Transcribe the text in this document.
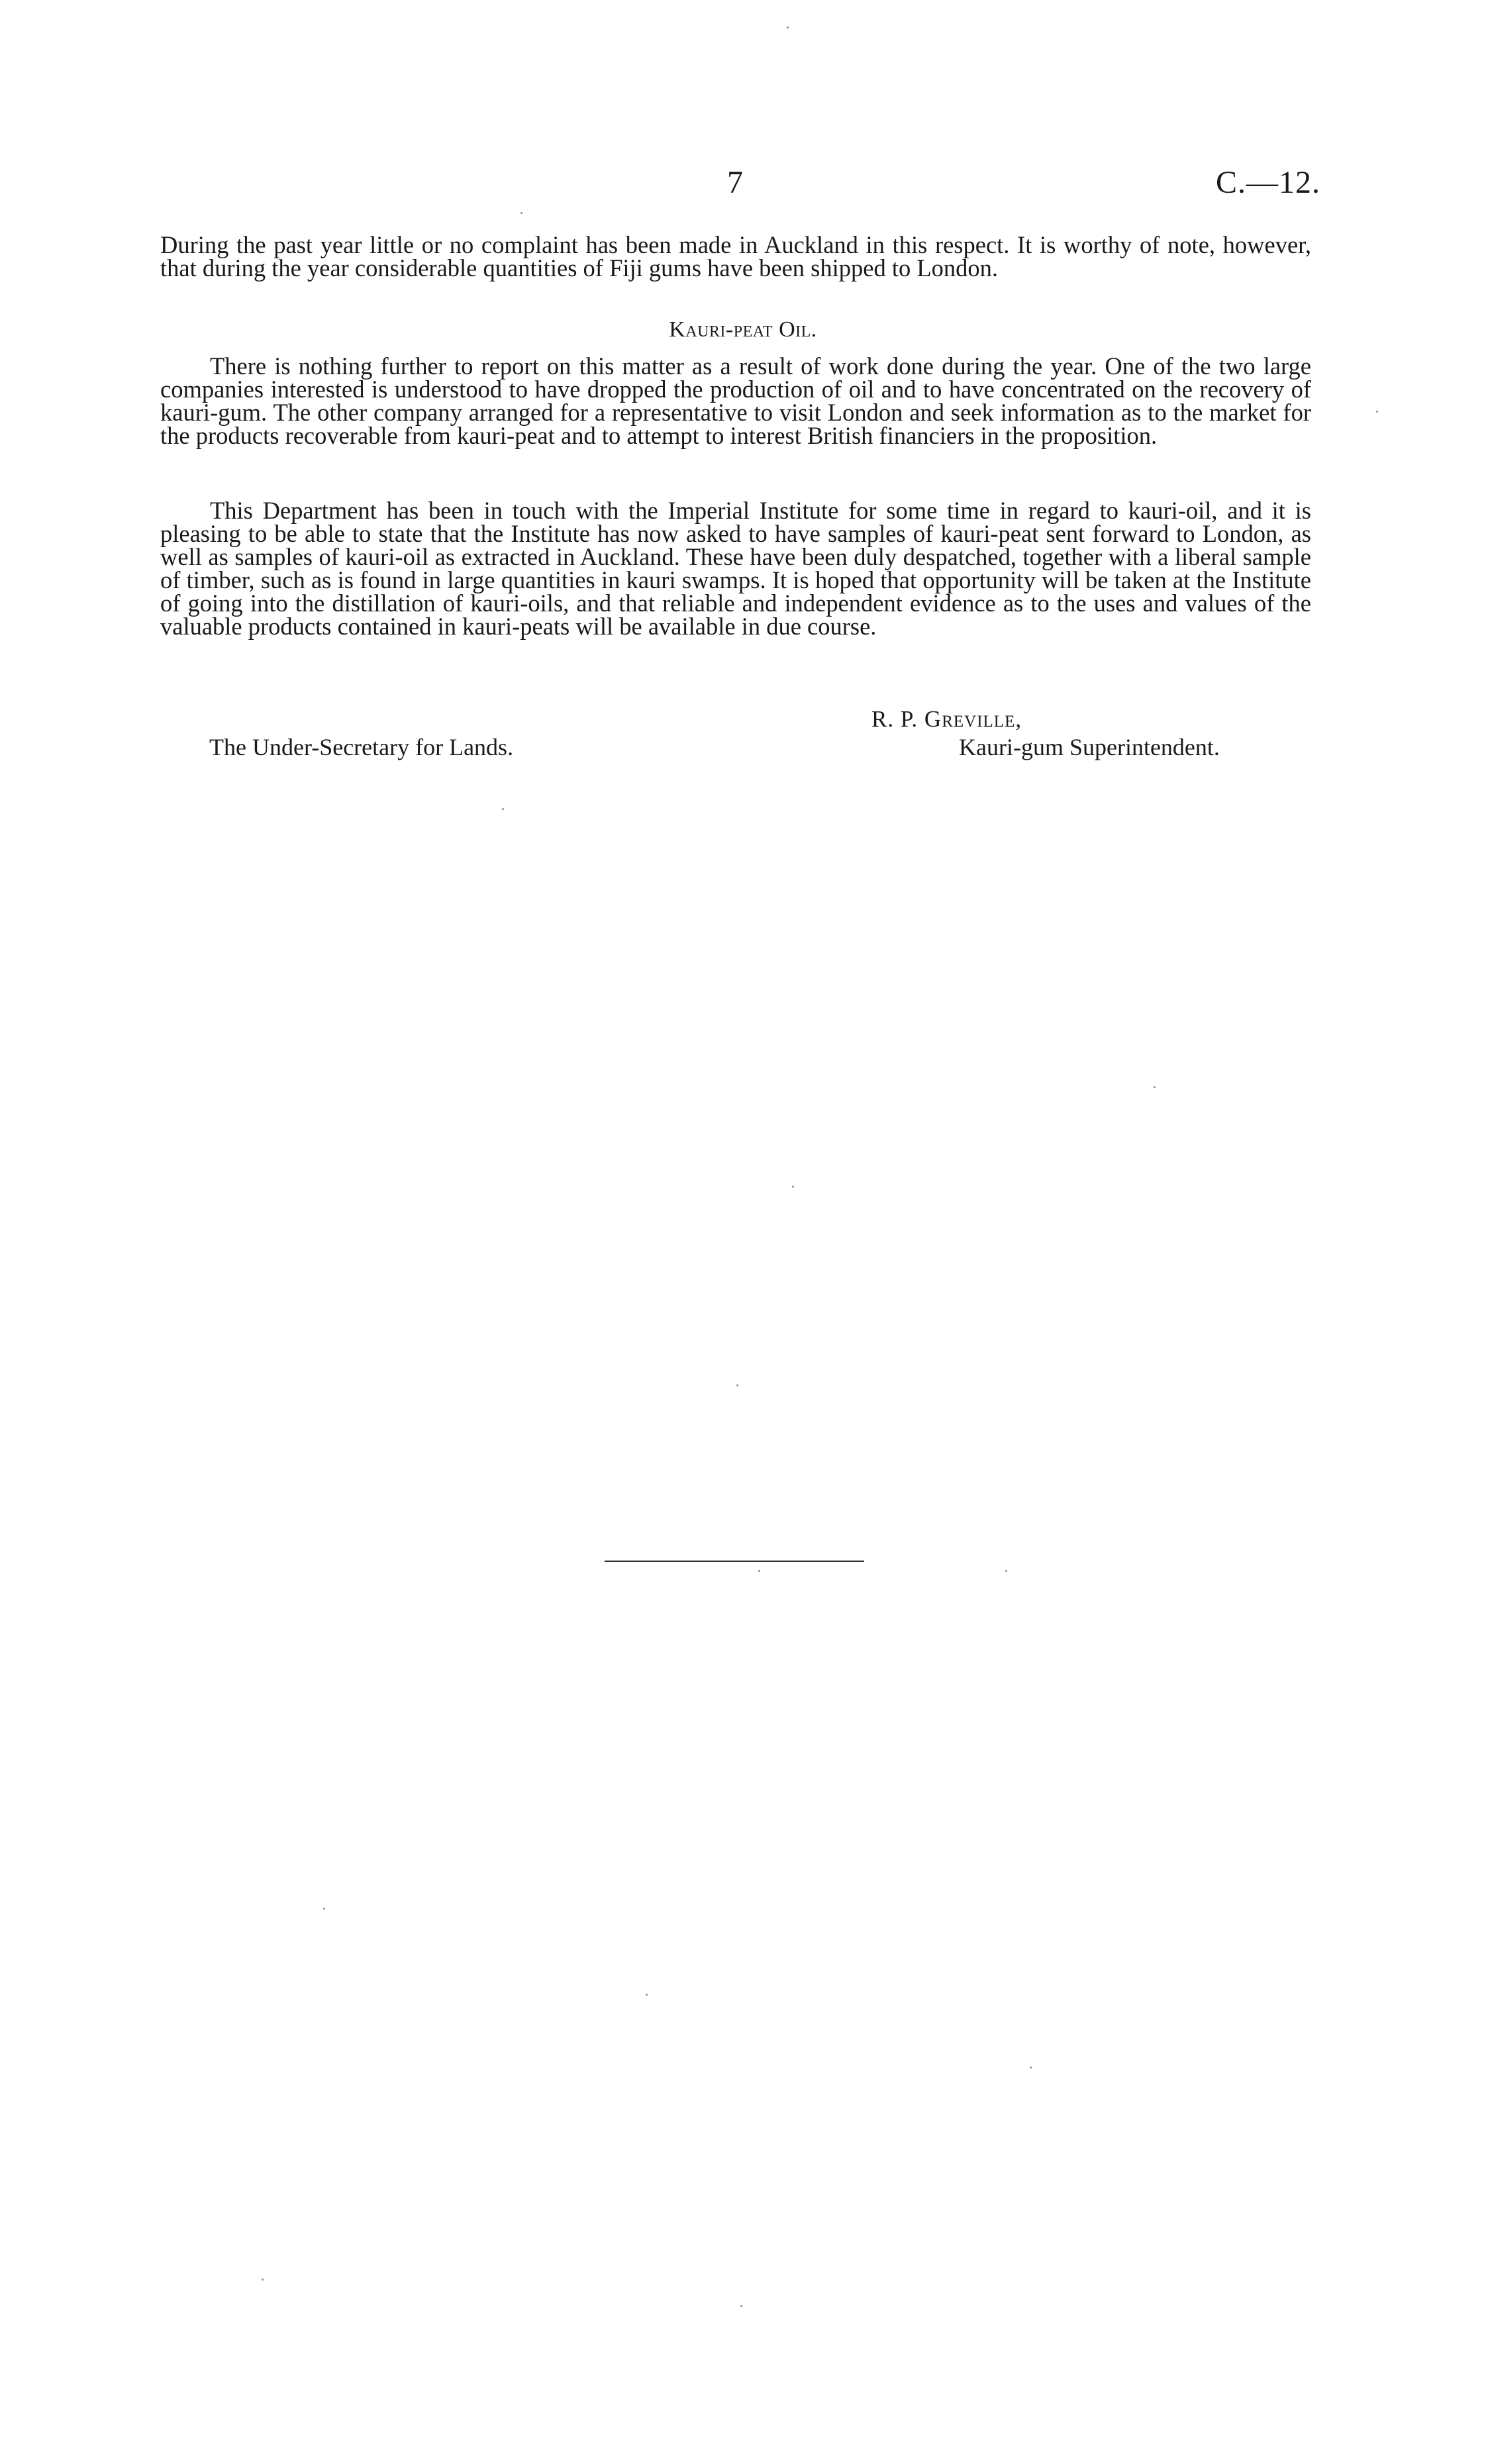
7	C.—12.
During the past year little or no complaint has been made in Auckland in this respect. It is worthy of note, however, that during the year considerable quantities of Fiji gums have been shipped to London.
Kauri-peat Oil.
There is nothing further to report on this matter as a result of work done during the year. One of the two large companies interested is understood to have dropped the production of oil and to have concentrated on the recovery of kauri-gum. The other company arranged for a representative to visit London and seek information as to the market for the products recoverable from kauri-peat and to attempt to interest British financiers in the proposition.
This Department has been in touch with the Imperial Institute for some time in regard to kauri-oil, and it is pleasing to be able to state that the Institute has now asked to have samples of kauri-peat sent forward to London, as well as samples of kauri-oil as extracted in Auckland. These have been duly despatched, together with a liberal sample of timber, such as is found in large quantities in kauri swamps. It is hoped that opportunity will be taken at the Institute of going into the distillation of kauri-oils, and that reliable and independent evidence as to the uses and values of the valuable products contained in kauri-peats will be available in due course.
R. P. Greville,
The Under-Secretary for Lands.	Kauri-gum Superintendent.
